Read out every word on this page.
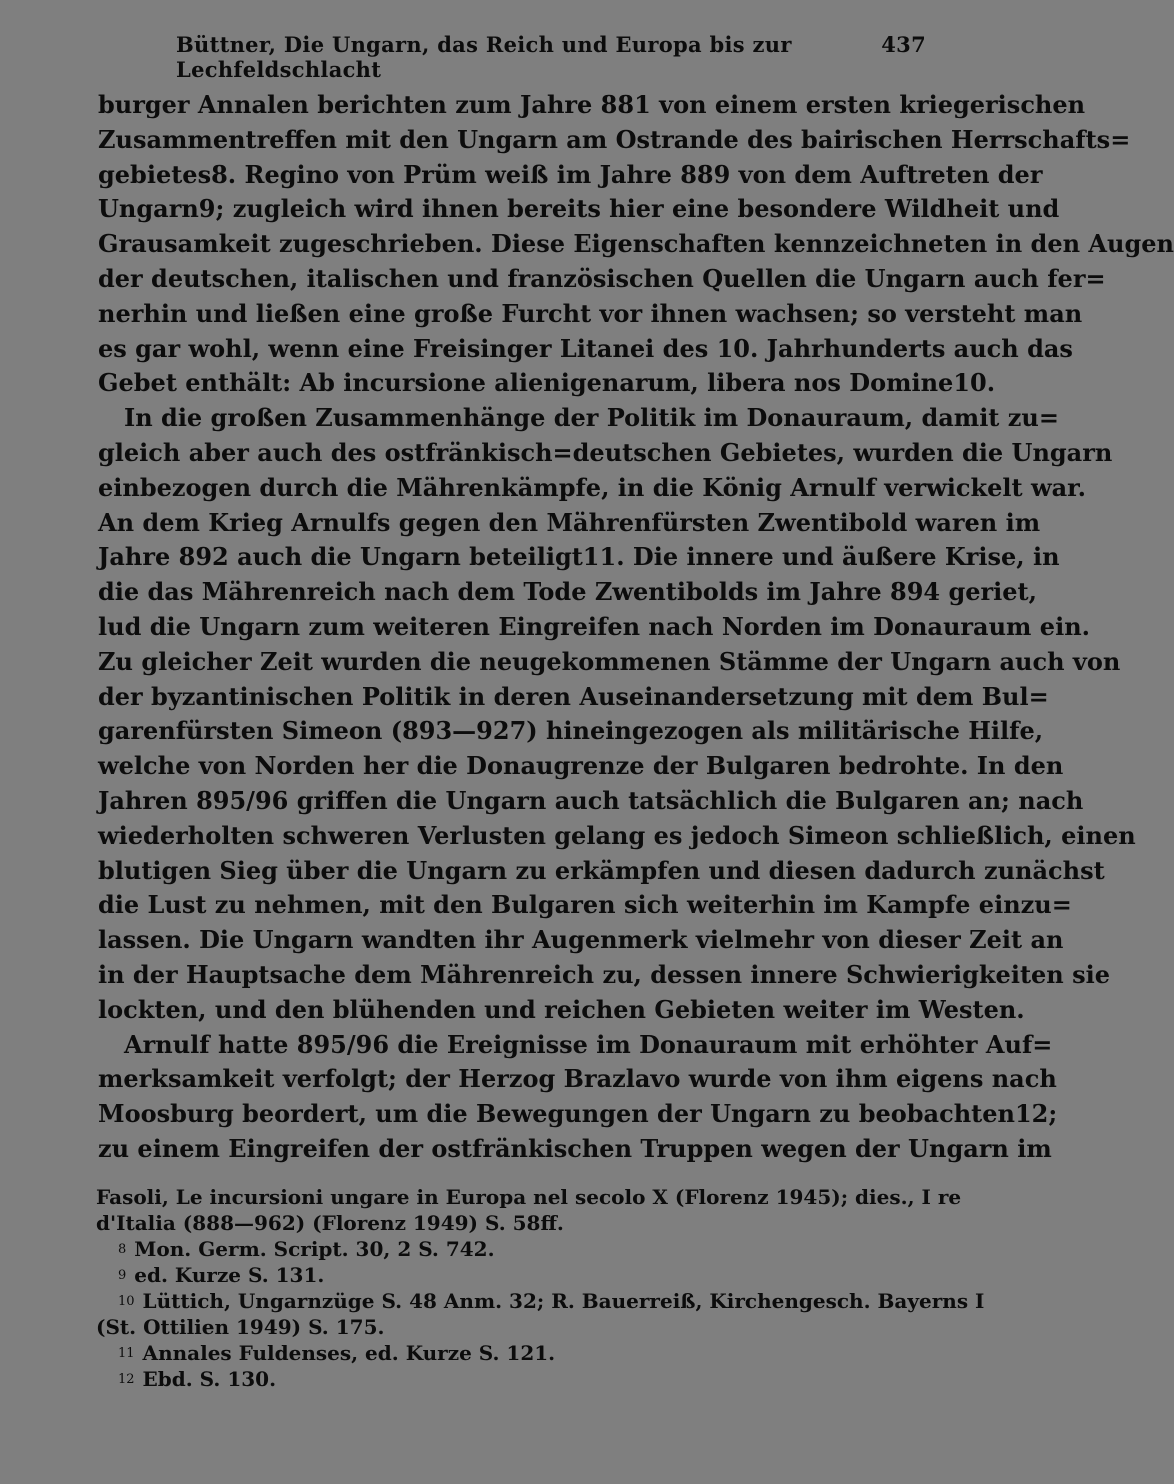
Büttner, Die Ungarn, das Reich und Europa bis zur Lechfeldschlacht
437
burger Annalen berichten zum Jahre 881 von einem ersten kriegerischen
Zusammentreffen mit den Ungarn am Ostrande des bairischen Herrschafts=
gebietes8. Regino von Prüm weiß im Jahre 889 von dem Auftreten der
Ungarn9; zugleich wird ihnen bereits hier eine besondere Wildheit und
Grausamkeit zugeschrieben. Diese Eigenschaften kennzeichneten in den Augen
der deutschen, italischen und französischen Quellen die Ungarn auch fer=
nerhin und ließen eine große Furcht vor ihnen wachsen; so versteht man
es gar wohl, wenn eine Freisinger Litanei des 10. Jahrhunderts auch das
Gebet enthält: Ab incursione alienigenarum, libera nos Domine10.
In die großen Zusammenhänge der Politik im Donauraum, damit zu=
gleich aber auch des ostfränkisch=deutschen Gebietes, wurden die Ungarn
einbezogen durch die Mährenkämpfe, in die König Arnulf verwickelt war.
An dem Krieg Arnulfs gegen den Mährenfürsten Zwentibold waren im
Jahre 892 auch die Ungarn beteiligt11. Die innere und äußere Krise, in
die das Mährenreich nach dem Tode Zwentibolds im Jahre 894 geriet,
lud die Ungarn zum weiteren Eingreifen nach Norden im Donauraum ein.
Zu gleicher Zeit wurden die neugekommenen Stämme der Ungarn auch von
der byzantinischen Politik in deren Auseinandersetzung mit dem Bul=
garenfürsten Simeon (893—927) hineingezogen als militärische Hilfe,
welche von Norden her die Donaugrenze der Bulgaren bedrohte. In den
Jahren 895/96 griffen die Ungarn auch tatsächlich die Bulgaren an; nach
wiederholten schweren Verlusten gelang es jedoch Simeon schließlich, einen
blutigen Sieg über die Ungarn zu erkämpfen und diesen dadurch zunächst
die Lust zu nehmen, mit den Bulgaren sich weiterhin im Kampfe einzu=
lassen. Die Ungarn wandten ihr Augenmerk vielmehr von dieser Zeit an
in der Hauptsache dem Mährenreich zu, dessen innere Schwierigkeiten sie
lockten, und den blühenden und reichen Gebieten weiter im Westen.
Arnulf hatte 895/96 die Ereignisse im Donauraum mit erhöhter Auf=
merksamkeit verfolgt; der Herzog Brazlavo wurde von ihm eigens nach
Moosburg beordert, um die Bewegungen der Ungarn zu beobachten12;
zu einem Eingreifen der ostfränkischen Truppen wegen der Ungarn im
Fasoli, Le incursioni ungare in Europa nel secolo X (Florenz 1945); dies., I re
d'Italia (888—962) (Florenz 1949) S. 58ff.
$^8$ Mon. Germ. Script. 30, 2 S. 742.
$^9$ ed. Kurze S. 131.
$^{10}$ Lüttich, Ungarnzüge S. 48 Anm. 32; R. Bauerreiß, Kirchengesch. Bayerns I
(St. Ottilien 1949) S. 175.
$^{11}$ Annales Fuldenses, ed. Kurze S. 121.
$^{12}$ Ebd. S. 130.
